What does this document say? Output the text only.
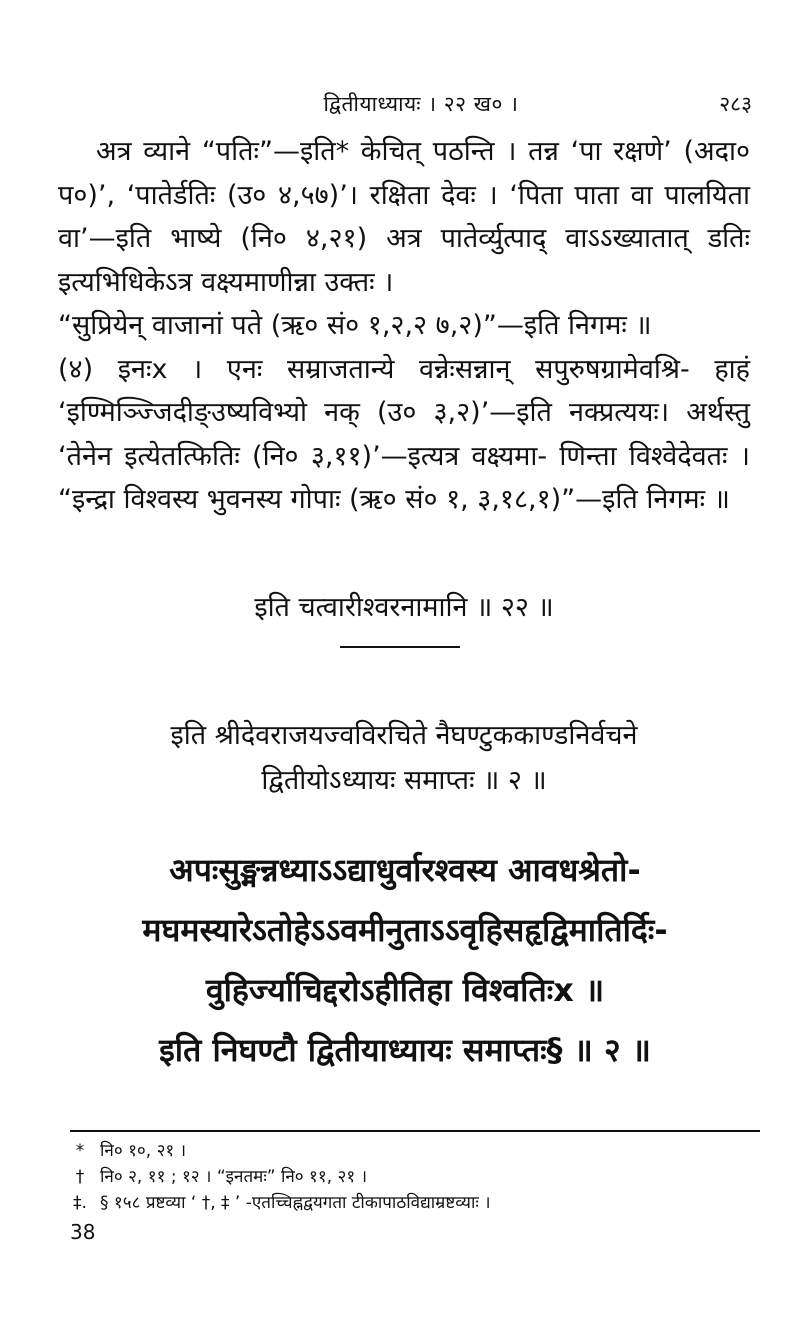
द्वितीयाध्यायः । २२ ख० ।	२८३

अत्र व्याने “पतिः”—इति* केचित् पठन्ति । तन्न ‘पा रक्षणे’ (अदा० प०)’, ‘पातेर्डतिः (उ० ४,५७)’। रक्षिता देवः । ‘पिता पाता वा पालयिता वा’—इति भाष्ये (नि० ४,२१) अत्र पातेर्व्युत्पाद् वाऽऽख्यातात् डतिः इत्यभिधिकेऽत्र वक्ष्यमाणीन्ना उक्तः ।

“सुप्रियेन् वाजानां पते (ऋ० सं० १,२,२ ७,२)”—इति निगमः ॥

(४) इनःx । एनः सम्राजतान्ये वन्नेःसन्नान् सपुरुषग्रामेवश्रि- हाहं ‘इण्मिञ्ज्जिदीङ्उष्यविभ्यो नक् (उ० ३,२)’—इति नक्प्रत्ययः। अर्थस्तु ‘तेनेन इत्येतत्फितिः (नि० ३,११)’—इत्यत्र वक्ष्यमा- णिन्ता विश्वेदेवतः । “इन्द्रा विश्वस्य भुवनस्य गोपाः (ऋ० सं० १, ३,१८,१)”—इति निगमः ॥

इति चत्वारीश्वरनामानि ॥ २२ ॥
इति श्रीदेवराजयज्वविरचिते नैघण्टुककाण्डनिर्वचने
द्वितीयोऽध्यायः समाप्तः ॥ २ ॥
अपःसुङ्मन्नध्याऽऽद्याधुर्वारश्वस्य आवधश्रेतो-
मघमस्यारेऽतोहेऽऽवमीनुताऽऽवृहिसहृद्विमातिर्दिः-
वुहिर्ज्याचिद्दरोऽहीतिहा विश्वतिःx ॥
इति निघण्टौ द्वितीयाध्यायः समाप्तः§ ॥ २ ॥
* नि० १०, २१ ।
† नि० २, ११ ; १२ । “इनतमः” नि० ११, २१ ।
‡. § १५८ प्रष्टव्या ‘ †, ‡ ’ -एतच्चिह्नद्वयगता टीकापाठविद्याम्रष्टव्याः ।
38
